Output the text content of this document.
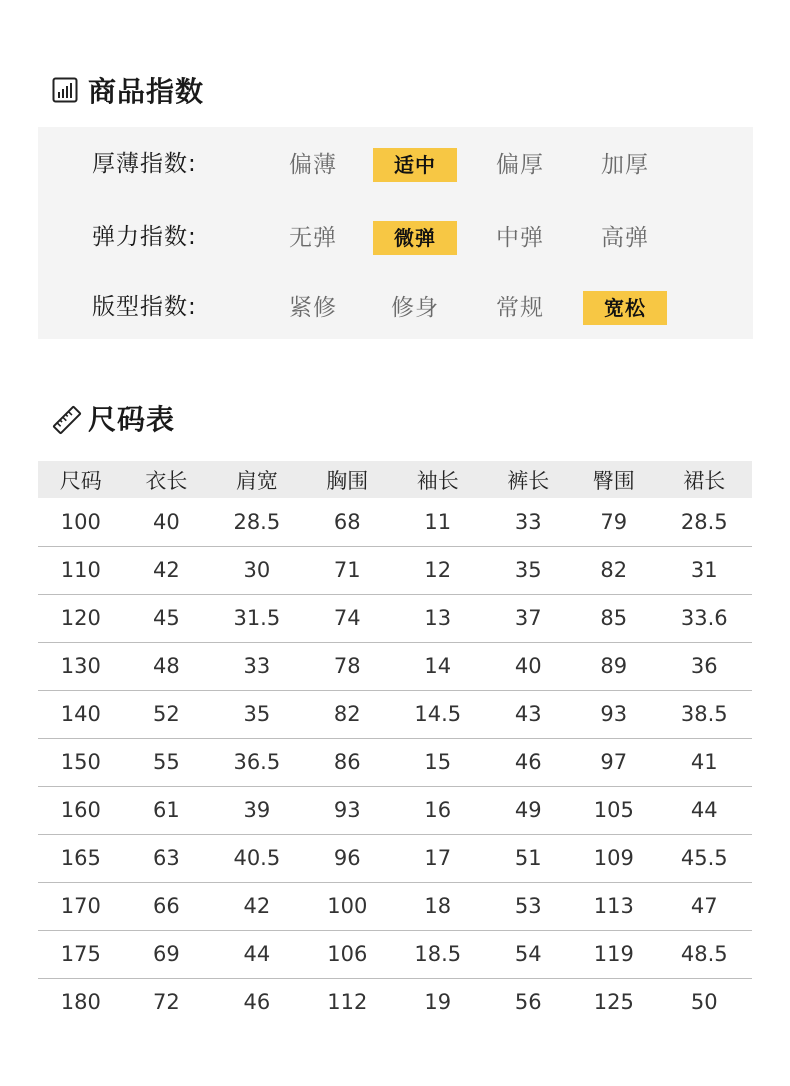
商品指数
厚薄指数:	偏薄	适中	偏厚	加厚
弹力指数:	无弹	微弹	中弹	高弹
版型指数:	紧修	修身	常规	宽松
尺码表
尺码	衣长	肩宽	胸围	袖长	裤长	臀围	裙长
100	40	28.5	68	11	33	79	28.5
110	42	30	71	12	35	82	31
120	45	31.5	74	13	37	85	33.6
130	48	33	78	14	40	89	36
140	52	35	82	14.5	43	93	38.5
150	55	36.5	86	15	46	97	41
160	61	39	93	16	49	105	44
165	63	40.5	96	17	51	109	45.5
170	66	42	100	18	53	113	47
175	69	44	106	18.5	54	119	48.5
180	72	46	112	19	56	125	50
